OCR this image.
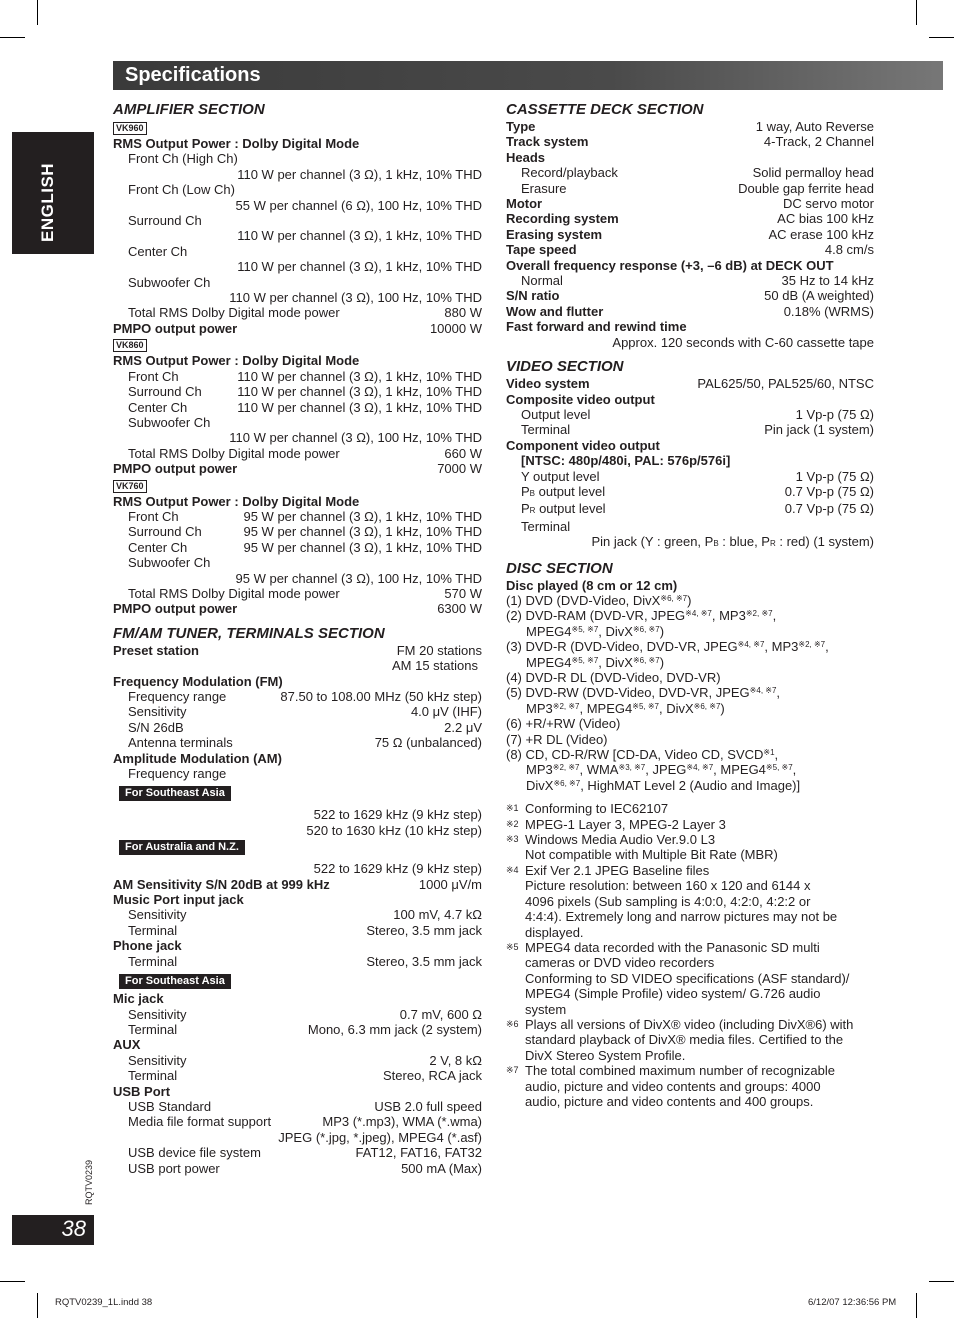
Specifications
ENGLISH
RQTV0239
38
RQTV0239_1L.indd 38	6/12/07 12:36:56 PM
AMPLIFIER SECTION
VK960
RMS Output Power : Dolby Digital Mode
Front Ch (High Ch)
110 W per channel (3 Ω), 1 kHz, 10% THD
Front Ch (Low Ch)
55 W per channel (6 Ω), 100 Hz, 10% THD
Surround Ch
110 W per channel (3 Ω), 1 kHz, 10% THD
Center Ch
110 W per channel (3 Ω), 1 kHz, 10% THD
Subwoofer Ch
110 W per channel (3 Ω), 100 Hz, 10% THD
Total RMS Dolby Digital mode power	880 W
PMPO output power	10000 W
VK860
RMS Output Power : Dolby Digital Mode
Front Ch	110 W per channel (3 Ω), 1 kHz, 10% THD
Surround Ch	110 W per channel (3 Ω), 1 kHz, 10% THD
Center Ch	110 W per channel (3 Ω), 1 kHz, 10% THD
Subwoofer Ch
110 W per channel (3 Ω), 100 Hz, 10% THD
Total RMS Dolby Digital mode power	660 W
PMPO output power	7000 W
VK760
RMS Output Power : Dolby Digital Mode
Front Ch	95 W per channel (3 Ω), 1 kHz, 10% THD
Surround Ch	95 W per channel (3 Ω), 1 kHz, 10% THD
Center Ch	95 W per channel (3 Ω), 1 kHz, 10% THD
Subwoofer Ch
95 W per channel (3 Ω), 100 Hz, 10% THD
Total RMS Dolby Digital mode power	570 W
PMPO output power	6300 W
FM/AM TUNER, TERMINALS SECTION
Preset station	FM 20 stations
AM 15 stations
Frequency Modulation (FM)
Frequency range	87.50 to 108.00 MHz (50 kHz step)
Sensitivity	4.0 μV (IHF)
S/N 26dB	2.2 μV
Antenna terminals	75 Ω (unbalanced)
Amplitude Modulation (AM)
Frequency range
For Southeast Asia
522 to 1629 kHz (9 kHz step)
520 to 1630 kHz (10 kHz step)
For Australia and N.Z.
522 to 1629 kHz (9 kHz step)
AM Sensitivity S/N 20dB at 999 kHz	1000 μV/m
Music Port input jack
Sensitivity	100 mV, 4.7 kΩ
Terminal	Stereo, 3.5 mm jack
Phone jack
Terminal	Stereo, 3.5 mm jack
For Southeast Asia
Mic jack
Sensitivity	0.7 mV, 600 Ω
Terminal	Mono, 6.3 mm jack (2 system)
AUX
Sensitivity	2 V, 8 kΩ
Terminal	Stereo, RCA jack
USB Port
USB Standard	USB 2.0 full speed
Media file format support	MP3 (*.mp3), WMA (*.wma)
JPEG (*.jpg, *.jpeg), MPEG4 (*.asf)
USB device file system	FAT12, FAT16, FAT32
USB port power	500 mA (Max)
CASSETTE DECK SECTION
Type	1 way, Auto Reverse
Track system	4-Track, 2 Channel
Heads
Record/playback	Solid permalloy head
Erasure	Double gap ferrite head
Motor	DC servo motor
Recording system	AC bias 100 kHz
Erasing system	AC erase 100 kHz
Tape speed	4.8 cm/s
Overall frequency response (+3, –6 dB) at DECK OUT
Normal	35 Hz to 14 kHz
S/N ratio	50 dB (A weighted)
Wow and flutter	0.18% (WRMS)
Fast forward and rewind time
Approx. 120 seconds with C-60 cassette tape
VIDEO SECTION
Video system	PAL625/50, PAL525/60, NTSC
Composite video output
Output level	1 Vp-p (75 Ω)
Terminal	Pin jack (1 system)
Component video output
[NTSC: 480p/480i, PAL: 576p/576i]
Y output level	1 Vp-p (75 Ω)
PB output level	0.7 Vp-p (75 Ω)
PR output level	0.7 Vp-p (75 Ω)
Terminal
Pin jack (Y : green, PB : blue, PR : red) (1 system)
DISC SECTION
Disc played (8 cm or 12 cm)
(1) DVD (DVD-Video, DivX$^{※6, ※7}$)
(2) DVD-RAM (DVD-VR, $JPEG^{※4, ※7}$, $MP3^{※2, ※7}$,
$MPEG4^{※5, ※7}$, DivX$^{※6, ※7}$)
(3) DVD-R (DVD-Video, DVD-VR, $JPEG^{※4, ※7}$, $MP3^{※2, ※7}$,
$MPEG4^{※5, ※7}$, DivX$^{※6, ※7}$)
(4) DVD-R DL (DVD-Video, DVD-VR)
(5) DVD-RW (DVD-Video, DVD-VR, $JPEG^{※4, ※7}$,
$MP3^{※2, ※7}$, $MPEG4^{※5, ※7}$, DivX$^{※6, ※7}$)
(6) +R/+RW (Video)
(7) +R DL (Video)
(8) CD, CD-R/RW [CD-DA, Video CD, SVCD$^{※1}$,
$MP3^{※2, ※7}$, $WMA^{※3, ※7}$, $JPEG^{※4, ※7}$, $MPEG4^{※5, ※7}$,
DivX$^{※6, ※7}$, HighMAT Level 2 (Audio and Image)]
※1 Conforming to IEC62107
※2 MPEG-1 Layer 3, MPEG-2 Layer 3
※3 Windows Media Audio Ver.9.0 L3
Not compatible with Multiple Bit Rate (MBR)
※4 Exif Ver 2.1 JPEG Baseline files
Picture resolution: between 160 x 120 and 6144 x
4096 pixels (Sub sampling is 4:0:0, 4:2:0, 4:2:2 or
4:4:4). Extremely long and narrow pictures may not be
displayed.
※5 MPEG4 data recorded with the Panasonic SD multi
cameras or DVD video recorders
Conforming to SD VIDEO specifications (ASF standard)/
MPEG4 (Simple Profile) video system/ G.726 audio
system
※6 Plays all versions of DivX® video (including DivX®6) with
standard playback of DivX® media files. Certified to the
DivX Stereo System Profile.
※7 The total combined maximum number of recognizable
audio, picture and video contents and groups: 4000
audio, picture and video contents and 400 groups.
